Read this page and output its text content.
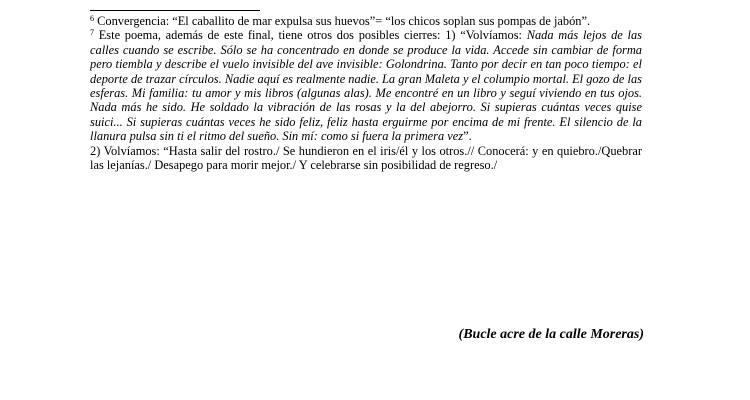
$^6$ Convergencia: “El caballito de mar expulsa sus huevos”= “los chicos soplan sus pompas de jabón”.

$^7$ Este poema, además de este final, tiene otros dos posibles cierres: 1) “Volvíamos: Nada más lejos de las calles cuando se escribe. Sólo se ha concentrado en donde se produce la vida. Accede sin cambiar de forma pero tiembla y describe el vuelo invisible del ave invisible: Golondrina. Tanto por decir en tan poco tiempo: el deporte de trazar círculos. Nadie aquí es realmente nadie. La gran Maleta y el columpio mortal. El gozo de las esferas. Mi familia: tu amor y mis libros (algunas alas). Me encontré en un libro y seguí viviendo en tus ojos. Nada más he sido. He soldado la vibración de las rosas y la del abejorro. Si supieras cuántas veces quise suici... Si supieras cuántas veces he sido feliz, feliz hasta erguirme por encima de mi frente. El silencio de la llanura pulsa sin ti el ritmo del sueño. Sin mí: como si fuera la primera vez”.

2) Volvíamos: “Hasta salir del rostro./ Se hundieron en el iris/él y los otros.// Conocerá: y en quiebro./Quebrar las lejanías./ Desapego para morir mejor./ Y celebrarse sin posibilidad de regreso./

(Bucle acre de la calle Moreras)
